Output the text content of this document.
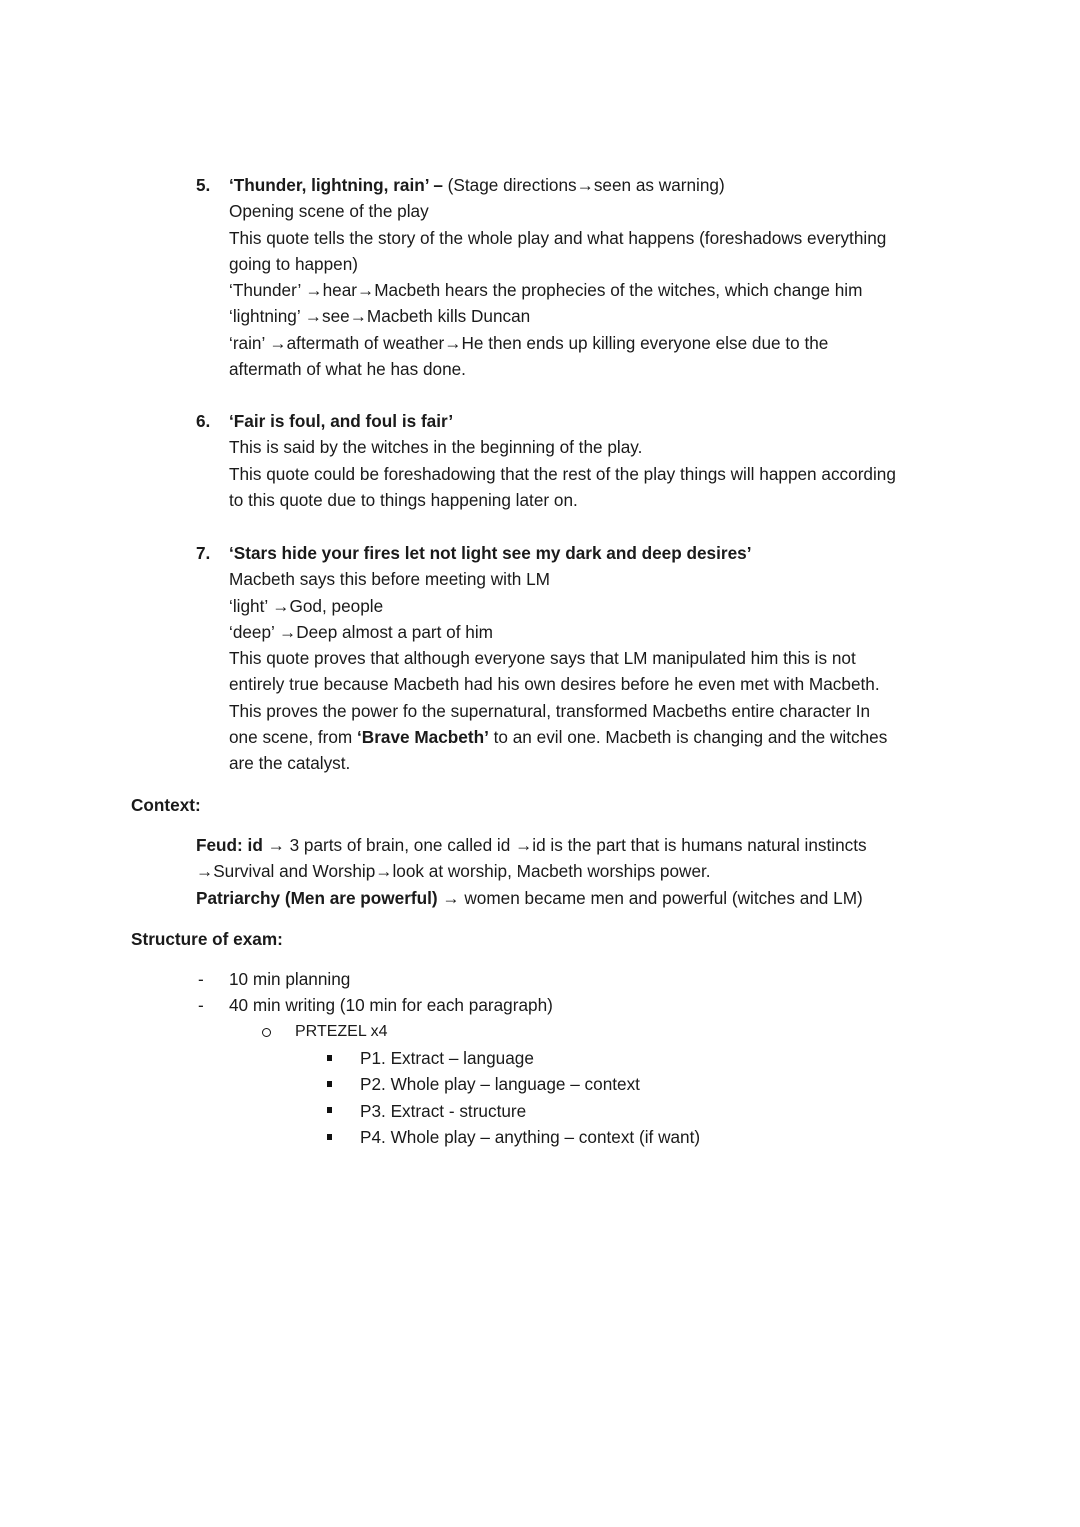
5. ‘Thunder, lightning, rain’ – (Stage directions→seen as warning)
Opening scene of the play
This quote tells the story of the whole play and what happens (foreshadows everything
going to happen)
‘Thunder’ →hear→Macbeth hears the prophecies of the witches, which change him
‘lightning’ →see→Macbeth kills Duncan
‘rain’ →aftermath of weather→He then ends up killing everyone else due to the
aftermath of what he has done.
6. ‘Fair is foul, and foul is fair’
This is said by the witches in the beginning of the play.
This quote could be foreshadowing that the rest of the play things will happen according
to this quote due to things happening later on.
7. ‘Stars hide your fires let not light see my dark and deep desires’
Macbeth says this before meeting with LM
‘light’ →God, people
‘deep’ →Deep almost a part of him
This quote proves that although everyone says that LM manipulated him this is not
entirely true because Macbeth had his own desires before he even met with Macbeth.
This proves the power fo the supernatural, transformed Macbeths entire character In
one scene, from ‘Brave Macbeth’ to an evil one. Macbeth is changing and the witches
are the catalyst.
Context:
Feud: id → 3 parts of brain, one called id →id is the part that is humans natural instincts
→Survival and Worship→look at worship, Macbeth worships power.
Patriarchy (Men are powerful) → women became men and powerful (witches and LM)
Structure of exam:
- 10 min planning
- 40 min writing (10 min for each paragraph)
PRTEZEL x4
P1. Extract – language
P2. Whole play – language – context
P3. Extract - structure
P4. Whole play – anything – context (if want)
